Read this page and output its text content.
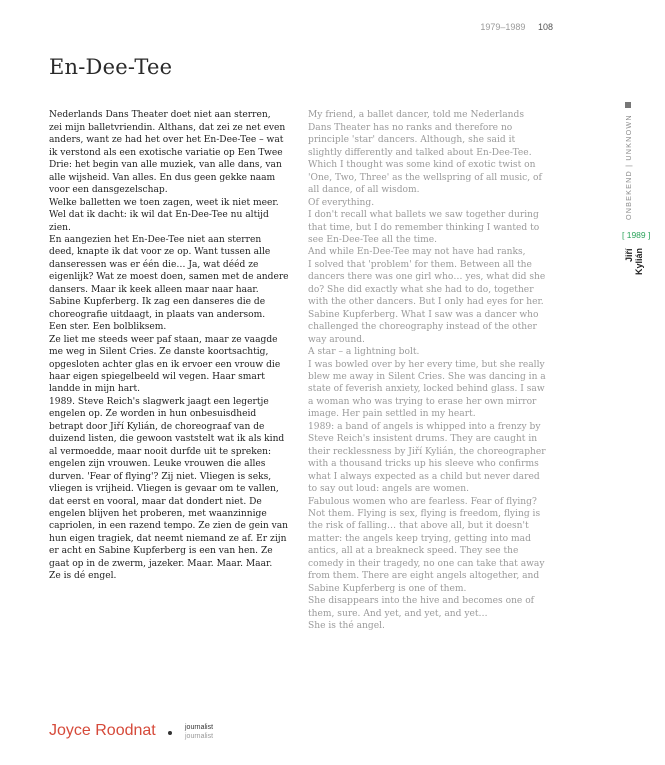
1979–1989 108
En-Dee-Tee

Nederlands Dans Theater doet niet aan sterren,
zei mijn balletvriendin. Althans, dat zei ze net even anders, want ze had het over het En-Dee-Tee – wat ik verstond als een exotische variatie op Een Twee Drie: het begin van alle muziek, van alle dans, van alle wijsheid. Van alles. En dus geen gekke naam voor een dansgezelschap.
Welke balletten we toen zagen, weet ik niet meer. Wel dat ik dacht: ik wil dat En-Dee-Tee nu altijd zien.
En aangezien het En-Dee-Tee niet aan sterren deed, knapte ik dat voor ze op. Want tussen alle danseressen was er één die… Ja, wat dééd ze eigenlijk? Wat ze moest doen, samen met de andere dansers. Maar ik keek alleen maar naar haar.
Sabine Kupferberg. Ik zag een danseres die de choreografie uitdaagt, in plaats van andersom.
Een ster. Een bolbliksem.
Ze liet me steeds weer paf staan, maar ze vaagde me weg in Silent Cries. Ze danste koortsachtig, opgesloten achter glas en ik ervoer een vrouw die haar eigen spiegelbeeld wil vegen. Haar smart landde in mijn hart.
1989. Steve Reich's slagwerk jaagt een legertje engelen op. Ze worden in hun onbesuisdheid betrapt door Jiří Kylián, de choreograaf van de duizend listen, die gewoon vaststelt wat ik als kind al vermoedde, maar nooit durfde uit te spreken: engelen zijn vrouwen. Leuke vrouwen die alles durven. 'Fear of flying'? Zij niet. Vliegen is seks, vliegen is vrijheid. Vliegen is gevaar om te vallen, dat eerst en vooral, maar dat dondert niet. De engelen blijven het proberen, met waanzinnige capriolen, in een razend tempo. Ze zien de gein van hun eigen tragiek, dat neemt niemand ze af. Er zijn er acht en Sabine Kupferberg is een van hen. Ze gaat op in de zwerm, jazeker. Maar. Maar. Maar.
Ze is dé engel.

My friend, a ballet dancer, told me Nederlands Dans Theater has no ranks and therefore no principle 'star' dancers. Although, she said it slightly differently and talked about En-Dee-Tee. Which I thought was some kind of exotic twist on 'One, Two, Three' as the wellspring of all music, of all dance, of all wisdom.
Of everything.
I don't recall what ballets we saw together during that time, but I do remember thinking I wanted to see En-Dee-Tee all the time.
And while En-Dee-Tee may not have had ranks,
I solved that 'problem' for them. Between all the dancers there was one girl who… yes, what did she do? She did exactly what she had to do, together with the other dancers. But I only had eyes for her.
Sabine Kupferberg. What I saw was a dancer who challenged the choreography instead of the other way around.
A star – a lightning bolt.
I was bowled over by her every time, but she really blew me away in Silent Cries. She was dancing in a state of feverish anxiety, locked behind glass. I saw a woman who was trying to erase her own mirror image. Her pain settled in my heart.
1989: a band of angels is whipped into a frenzy by Steve Reich's insistent drums. They are caught in their recklessness by Jiří Kylián, the choreographer with a thousand tricks up his sleeve who confirms what I always expected as a child but never dared to say out loud: angels are women.
Fabulous women who are fearless. Fear of flying? Not them. Flying is sex, flying is freedom, flying is the risk of falling… that above all, but it doesn't matter: the angels keep trying, getting into mad antics, all at a breakneck speed. They see the comedy in their tragedy, no one can take that away from them. There are eight angels altogether, and Sabine Kupferberg is one of them.
She disappears into the hive and becomes one of them, sure. And yet, and yet, and yet…
She is thé angel.

ONBEKEND | UNKNOWN
[ 1989 ]
Jiří Kylián
Joyce Roodnat	journalist
journalist
